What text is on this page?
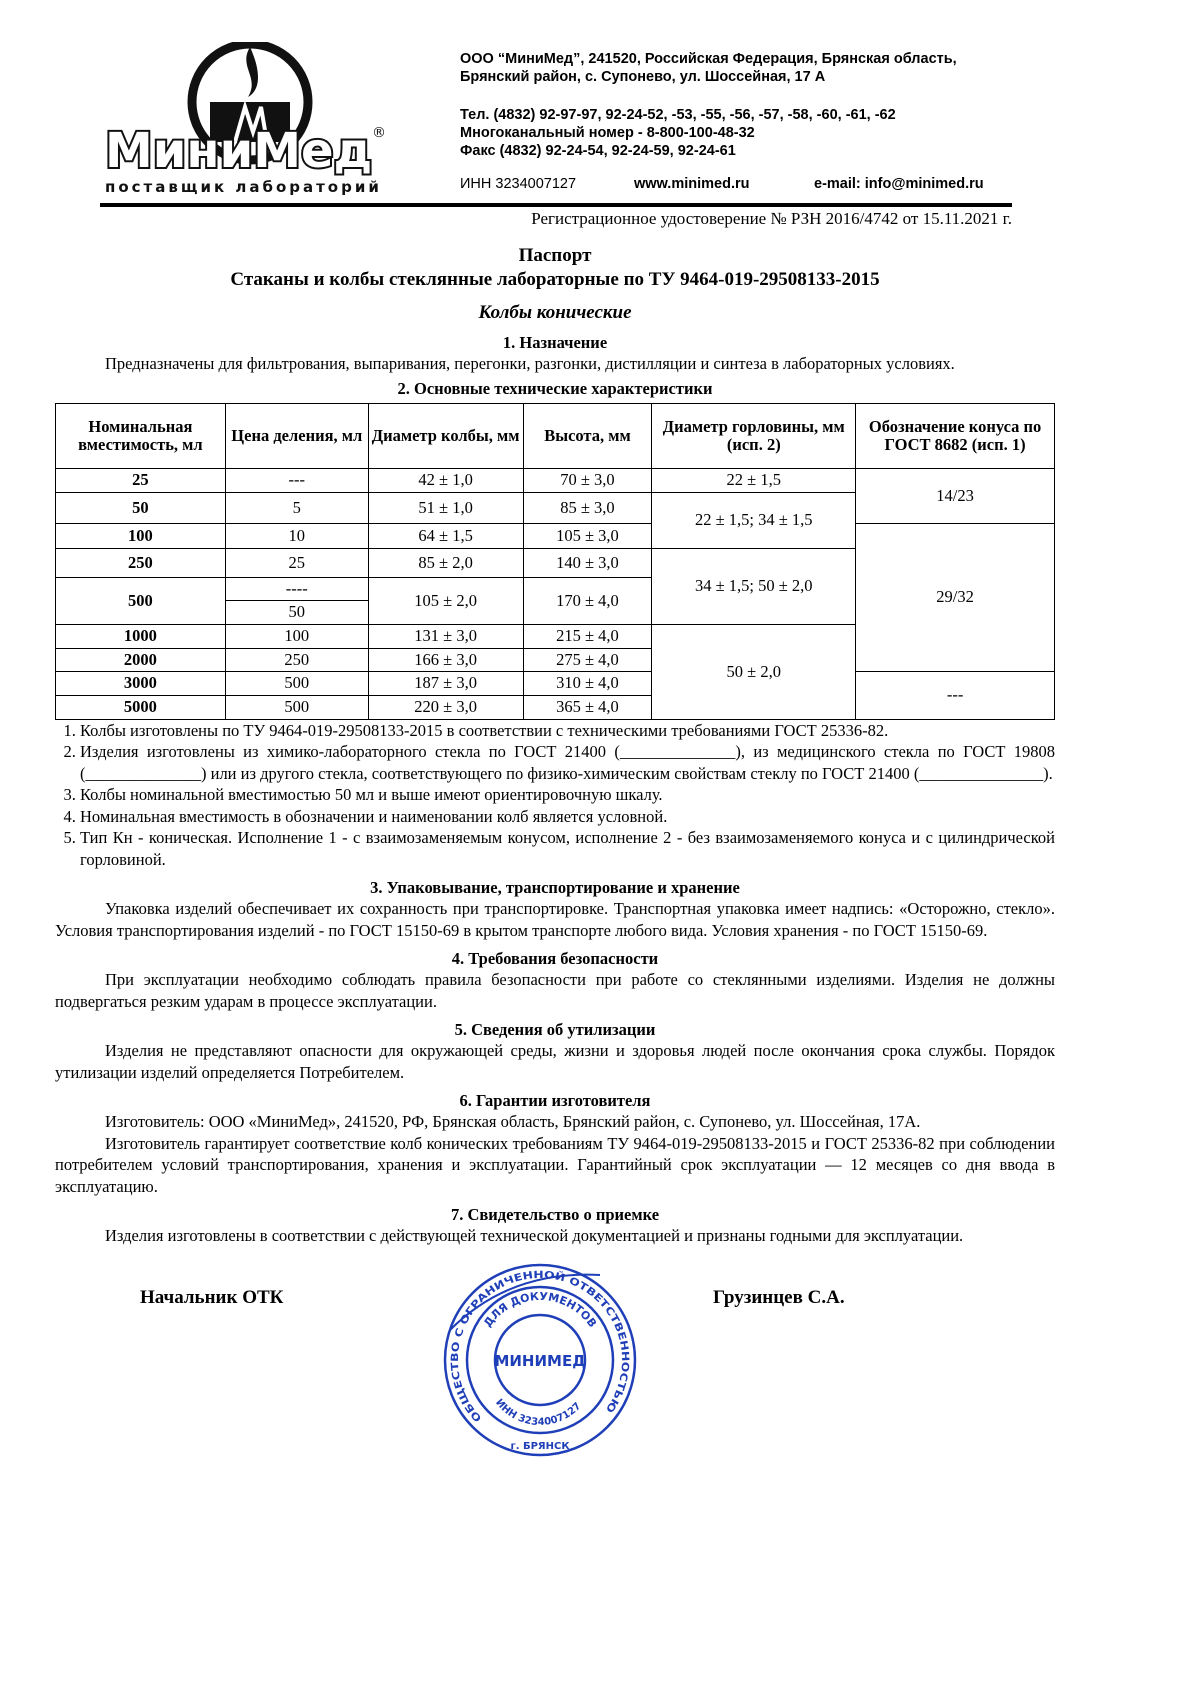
МиниМед ®
поставщик лабораторий
ООО “МиниМед”, 241520, Российская Федерация, Брянская область,
Брянский район, с. Супонево, ул. Шоссейная, 17 А
Тел. (4832) 92-97-97, 92-24-52, -53, -55, -56, -57, -58, -60, -61, -62
Многоканальный номер - 8-800-100-48-32
Факс (4832) 92-24-54, 92-24-59, 92-24-61
ИНН 3234007127	www.minimed.ru	e-mail: info@minimed.ru
Регистрационное удостоверение № РЗН 2016/4742 от 15.11.2021 г.
Паспорт
Стаканы и колбы стеклянные лабораторные по ТУ 9464-019-29508133-2015
Колбы конические
1. Назначение
Предназначены для фильтрования, выпаривания, перегонки, разгонки, дистилляции и синтеза в лабораторных условиях.
2. Основные технические характеристики
Номинальная вместимость, мл	Цена деления, мл	Диаметр колбы, мм	Высота, мм	Диаметр горловины, мм (исп. 2)	Обозначение конуса по ГОСТ 8682 (исп. 1)
25	---	42 ± 1,0	70 ± 3,0	22 ± 1,5	14/23
50	5	51 ± 1,0	85 ± 3,0	22 ± 1,5; 34 ± 1,5	
100	10	64 ± 1,5	105 ± 3,0		29/32
250	25	85 ± 2,0	140 ± 3,0	34 ± 1,5; 50 ± 2,0	
500	----	105 ± 2,0	170 ± 4,0		
	50				
1000	100	131 ± 3,0	215 ± 4,0	50 ± 2,0	
2000	250	166 ± 3,0	275 ± 4,0		
3000	500	187 ± 3,0	310 ± 4,0		---
5000	500	220 ± 3,0	365 ± 4,0		
1. Колбы изготовлены по ТУ 9464-019-29508133-2015 в соответствии с техническими требованиями ГОСТ 25336-82.
2. Изделия изготовлены из химико-лабораторного стекла по ГОСТ 21400 (______________), из медицинского стекла по ГОСТ 19808 (______________) или из другого стекла, соответствующего по физико-химическим свойствам стеклу по ГОСТ 21400 (_______________).
3. Колбы номинальной вместимостью 50 мл и выше имеют ориентировочную шкалу.
4. Номинальная вместимость в обозначении и наименовании колб является условной.
5. Тип Кн - коническая. Исполнение 1 - с взаимозаменяемым конусом, исполнение 2 - без взаимозаменяемого конуса и с цилиндрической горловиной.
3. Упаковывание, транспортирование и хранение
Упаковка изделий обеспечивает их сохранность при транспортировке. Транспортная упаковка имеет надпись: «Осторожно, стекло». Условия транспортирования изделий - по ГОСТ 15150-69 в крытом транспорте любого вида. Условия хранения - по ГОСТ 15150-69.
4. Требования безопасности
При эксплуатации необходимо соблюдать правила безопасности при работе со стеклянными изделиями. Изделия не должны подвергаться резким ударам в процессе эксплуатации.
5. Сведения об утилизации
Изделия не представляют опасности для окружающей среды, жизни и здоровья людей после окончания срока службы. Порядок утилизации изделий определяется Потребителем.
6. Гарантии изготовителя
Изготовитель: ООО «МиниМед», 241520, РФ, Брянская область, Брянский район, с. Супонево, ул. Шоссейная, 17А.
Изготовитель гарантирует соответствие колб конических требованиям ТУ 9464-019-29508133-2015 и ГОСТ 25336-82 при соблюдении потребителем условий транспортирования, хранения и эксплуатации. Гарантийный срок эксплуатации — 12 месяцев со дня ввода в эксплуатацию.
7. Свидетельство о приемке
Изделия изготовлены в соответствии с действующей технической документацией и признаны годными для эксплуатации.
Начальник ОТК	Грузинцев С.А.
ОБЩЕСТВО С ОГРАНИЧЕННОЙ ОТВЕТСТВЕННОСТЬЮ
ДЛЯ ДОКУМЕНТОВ
ИНН 3234007127
МИНИМЕД
г. БРЯНСК
